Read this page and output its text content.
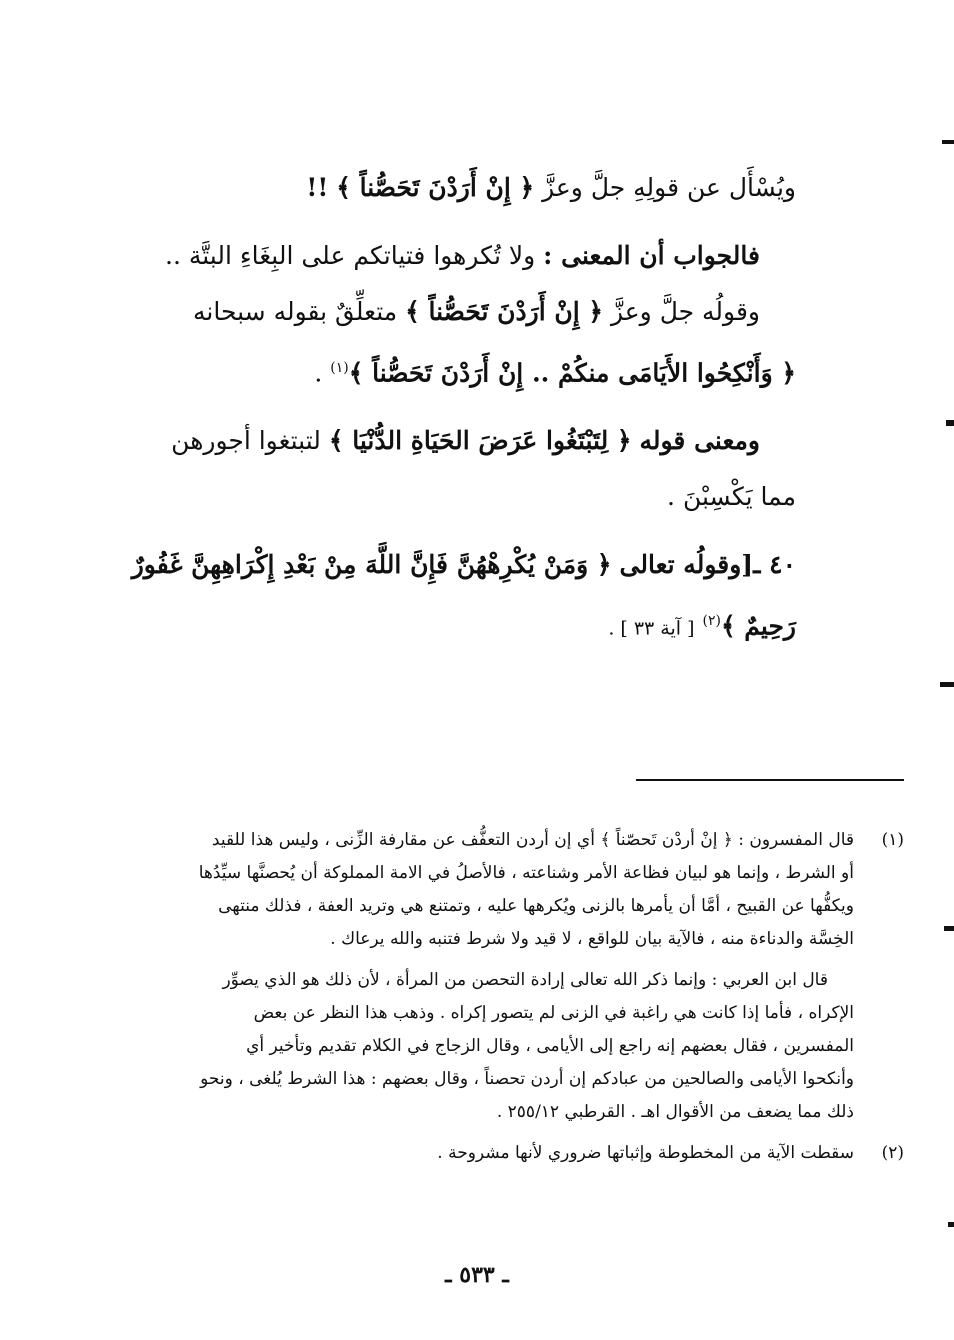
ويُسْأَل عن قولِهِ جلَّ وعزَّ ﴿ إِنْ أَرَدْنَ تَحَصُّناً ﴾ !!
فالجواب أن المعنى : ولا تُكرهوا فتياتكم على البِغَاءِ البتَّة ..
وقولُه جلَّ وعزَّ ﴿ إِنْ أَرَدْنَ تَحَصُّناً ﴾ متعلِّقٌ بقوله سبحانه
﴿ وَأَنْكِحُوا الأَيَامَى منكُمْ .. إِنْ أَرَدْنَ تَحَصُّناً ﴾$^{(١)}$ .
ومعنى قوله ﴿ لِتَبْتَغُوا عَرَضَ الحَيَاةِ الدُّنْيَا ﴾ لتبتغوا أجورهن
مما يَكْسِبْنَ .
٤٠ ـ[وقولُه تعالى ﴿ وَمَنْ يُكْرِهْهُنَّ فَإِنَّ اللَّهَ مِنْ بَعْدِ إِكْرَاهِهِنَّ غَفُورٌ
رَحِيمٌ ﴾$^{(٢)}$ [ آية ٣٣ ] .
(١)
قال المفسرون : ﴿ إنْ أردْن تَحصّناً ﴾ أي إن أردن التعفُّف عن مقارفة الزِّنى ، وليس هذا للقيد
أو الشرط ، وإنما هو لبيان فظاعة الأمر وشناعته ، فالأصلُ في الامة المملوكة أن يُحصنَّها سيِّدُها
ويكفُّها عن القبيح ، أمَّا أن يأمرها بالزنى ويُكرهها عليه ، وتمتنع هي وتريد العفة ، فذلك منتهى
الخِسَّة والدناءة منه ، فالآية بيان للواقع ، لا قيد ولا شرط فتنبه والله يرعاك .
قال ابن العربي : وإنما ذكر الله تعالى إرادة التحصن من المرأة ، لأن ذلك هو الذي يصوِّر
الإكراه ، فأما إذا كانت هي راغبة في الزنى لم يتصور إكراه . وذهب هذا النظر عن بعض
المفسرين ، فقال بعضهم إنه راجع إلى الأيامى ، وقال الزجاج في الكلام تقديم وتأخير أي
وأنكحوا الأيامى والصالحين من عبادكم إن أردن تحصناً ، وقال بعضهم : هذا الشرط يُلغى ، ونحو
ذلك مما يضعف من الأقوال اهـ . القرطبي ٢٥٥/١٢ .
(٢)
سقطت الآية من المخطوطة وإثباتها ضروري لأنها مشروحة .
ـ ٥٣٣ ـ
